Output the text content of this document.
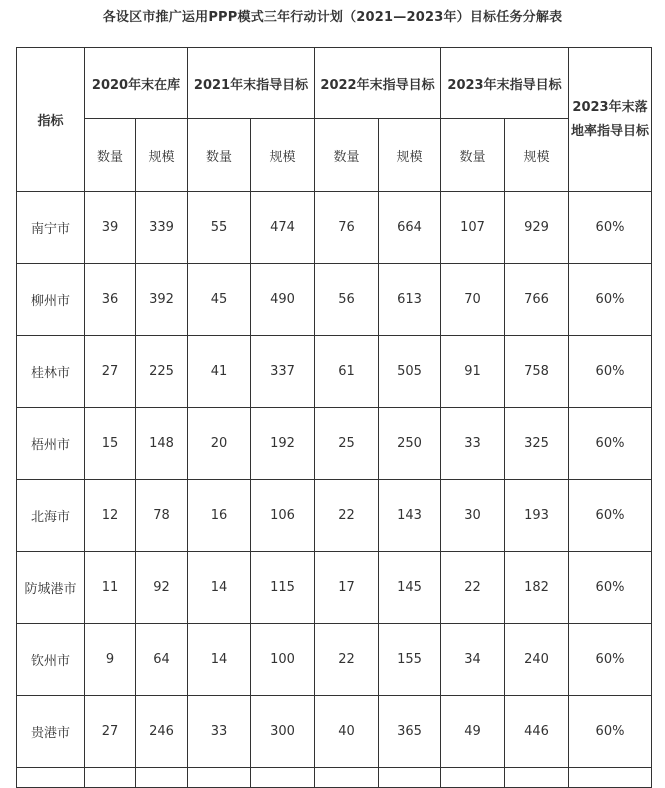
各设区市推广运用PPP模式三年行动计划（2021—2023年）目标任务分解表
指标	2020年末在库		2021年末指导目标		2022年末指导目标		2023年末指导目标		2023年末落
地率指导目标
	数量	规模	数量	规模	数量	规模	数量	规模	
南宁市	39	339	55	474	76	664	107	929	60%
柳州市	36	392	45	490	56	613	70	766	60%
桂林市	27	225	41	337	61	505	91	758	60%
梧州市	15	148	20	192	25	250	33	325	60%
北海市	12	78	16	106	22	143	30	193	60%
防城港市	11	92	14	115	17	145	22	182	60%
钦州市	9	64	14	100	22	155	34	240	60%
贵港市	27	246	33	300	40	365	49	446	60%
